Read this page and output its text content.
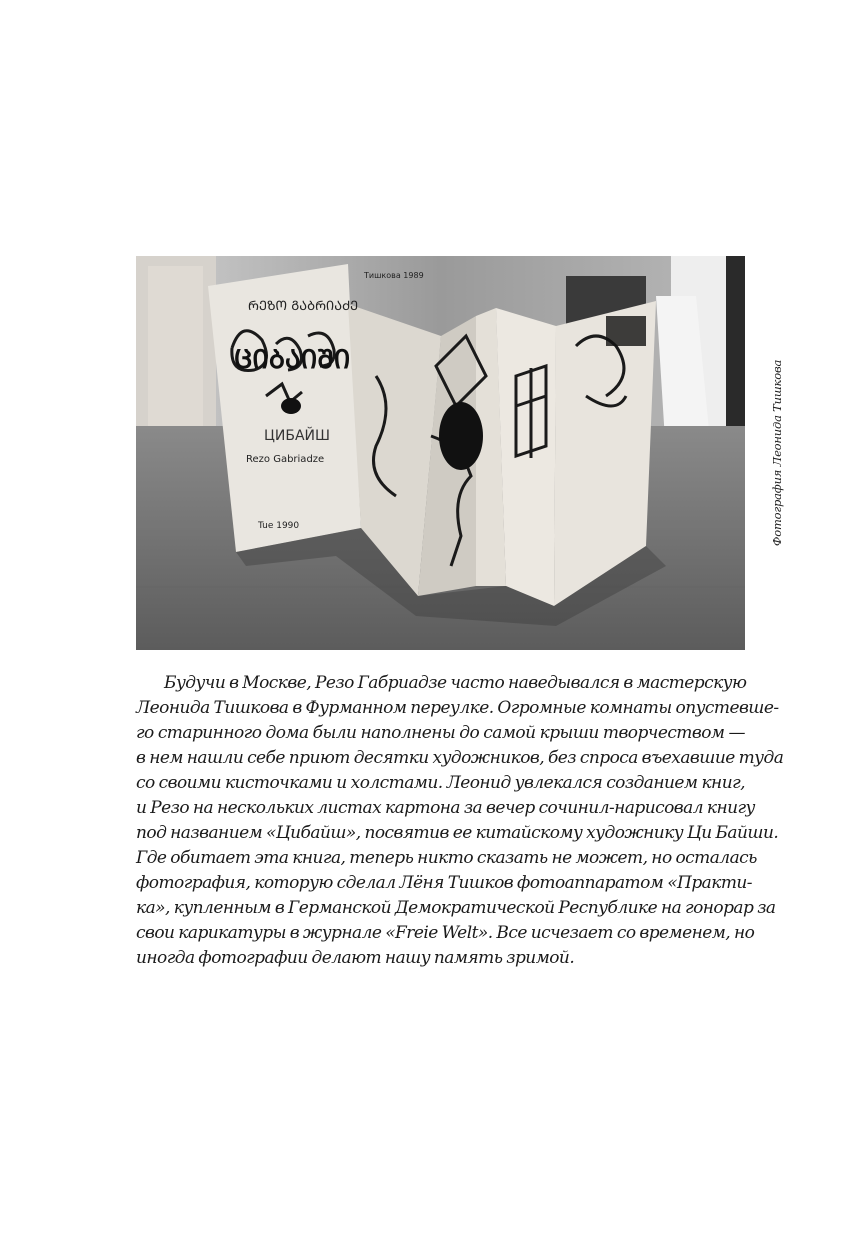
ᲠᲔᲖᲝ ᲒᲐᲑᲠᲘᲐᲫᲔ
ᲪᲘᲑᲐᲘᲨᲘ
ЦИБАЙШ
Rezo Gabriadze
Tue 1990
Тишкова 1989
Фотография Леонида Тишкова
Будучи в Москве, Резо Габриадзе часто наведывался в мастерскую
Леонида Тишкова в Фурманном переулке. Огромные комнаты опустевше-
го старинного дома были наполнены до самой крыши творчеством —
в нем нашли себе приют десятки художников, без спроса въехавшие туда
со своими кисточками и холстами. Леонид увлекался созданием книг,
и Резо на нескольких листах картона за вечер сочинил-нарисовал книгу
под названием «Цибайш», посвятив ее китайскому художнику Ци Байши.
Где обитает эта книга, теперь никто сказать не может, но осталась
фотография, которую сделал Лёня Тишков фотоаппаратом «Практи-
ка», купленным в Германской Демократической Республике на гонорар за
свои карикатуры в журнале «Freie Welt». Все исчезает со временем, но
иногда фотографии делают нашу память зримой.
